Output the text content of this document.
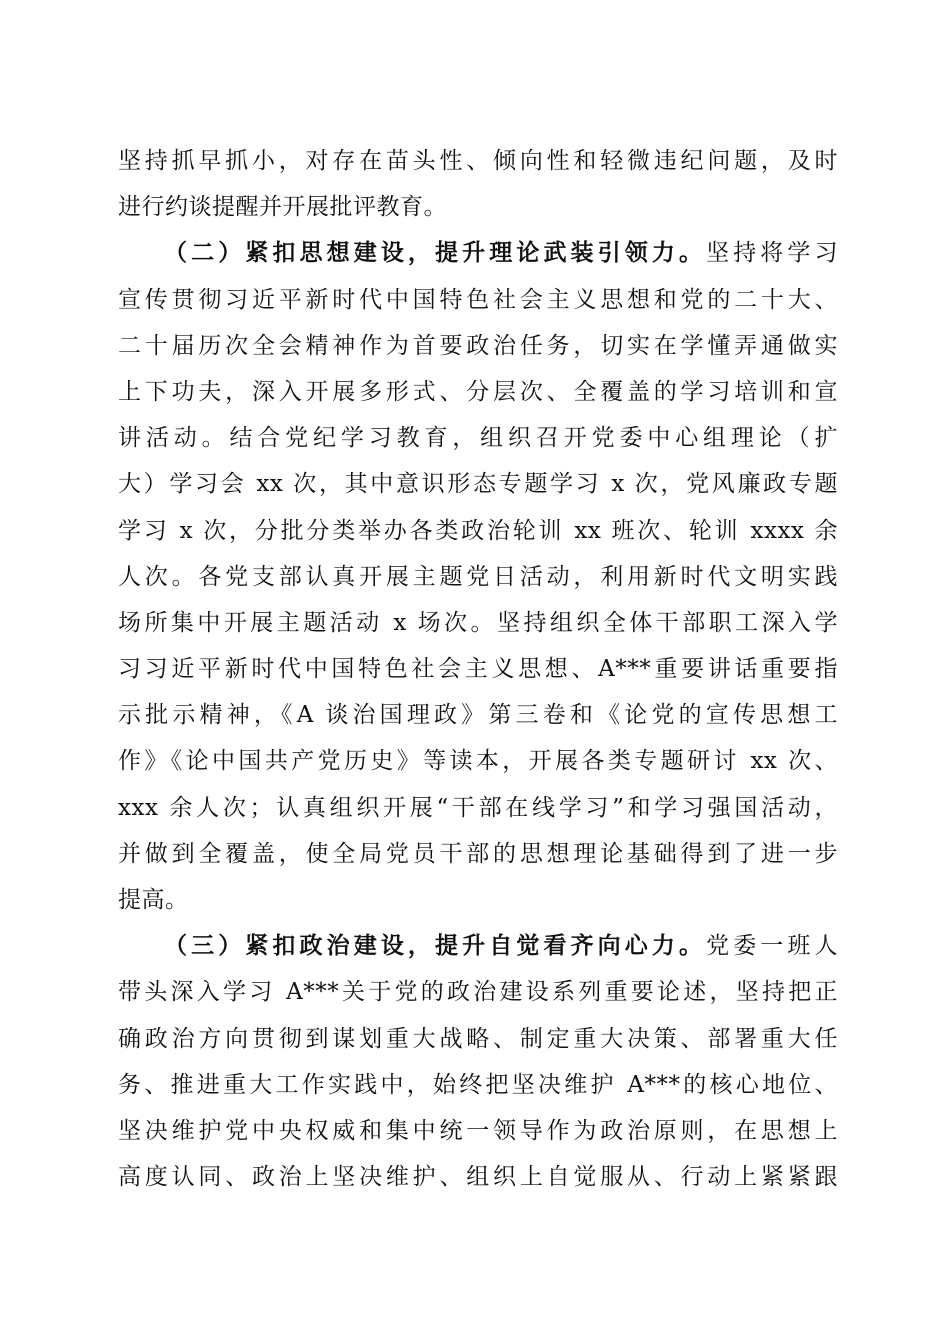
坚持抓早抓小，对存在苗头性、倾向性和轻微违纪问题，及时
进行约谈提醒并开展批评教育。
（二）紧扣思想建设，提升理论武装引领力。坚持将学习
宣传贯彻习近平新时代中国特色社会主义思想和党的二十大、
二十届历次全会精神作为首要政治任务，切实在学懂弄通做实
上下功夫，深入开展多形式、分层次、全覆盖的学习培训和宣
讲活动。结合党纪学习教育，组织召开党委中心组理论（扩
大）学习会 xx 次，其中意识形态专题学习 x 次，党风廉政专题
学习 x 次，分批分类举办各类政治轮训 xx 班次、轮训 xxxx 余
人次。各党支部认真开展主题党日活动，利用新时代文明实践
场所集中开展主题活动 x 场次。坚持组织全体干部职工深入学
习习近平新时代中国特色社会主义思想、A***重要讲话重要指
示批示精神，《A 谈治国理政》第三卷和《论党的宣传思想工
作》《论中国共产党历史》等读本，开展各类专题研讨 xx 次、
xxx 余人次；认真组织开展“干部在线学习”和学习强国活动，
并做到全覆盖，使全局党员干部的思想理论基础得到了进一步
提高。
（三）紧扣政治建设，提升自觉看齐向心力。党委一班人
带头深入学习 A***关于党的政治建设系列重要论述，坚持把正
确政治方向贯彻到谋划重大战略、制定重大决策、部署重大任
务、推进重大工作实践中，始终把坚决维护 A***的核心地位、
坚决维护党中央权威和集中统一领导作为政治原则，在思想上
高度认同、政治上坚决维护、组织上自觉服从、行动上紧紧跟
